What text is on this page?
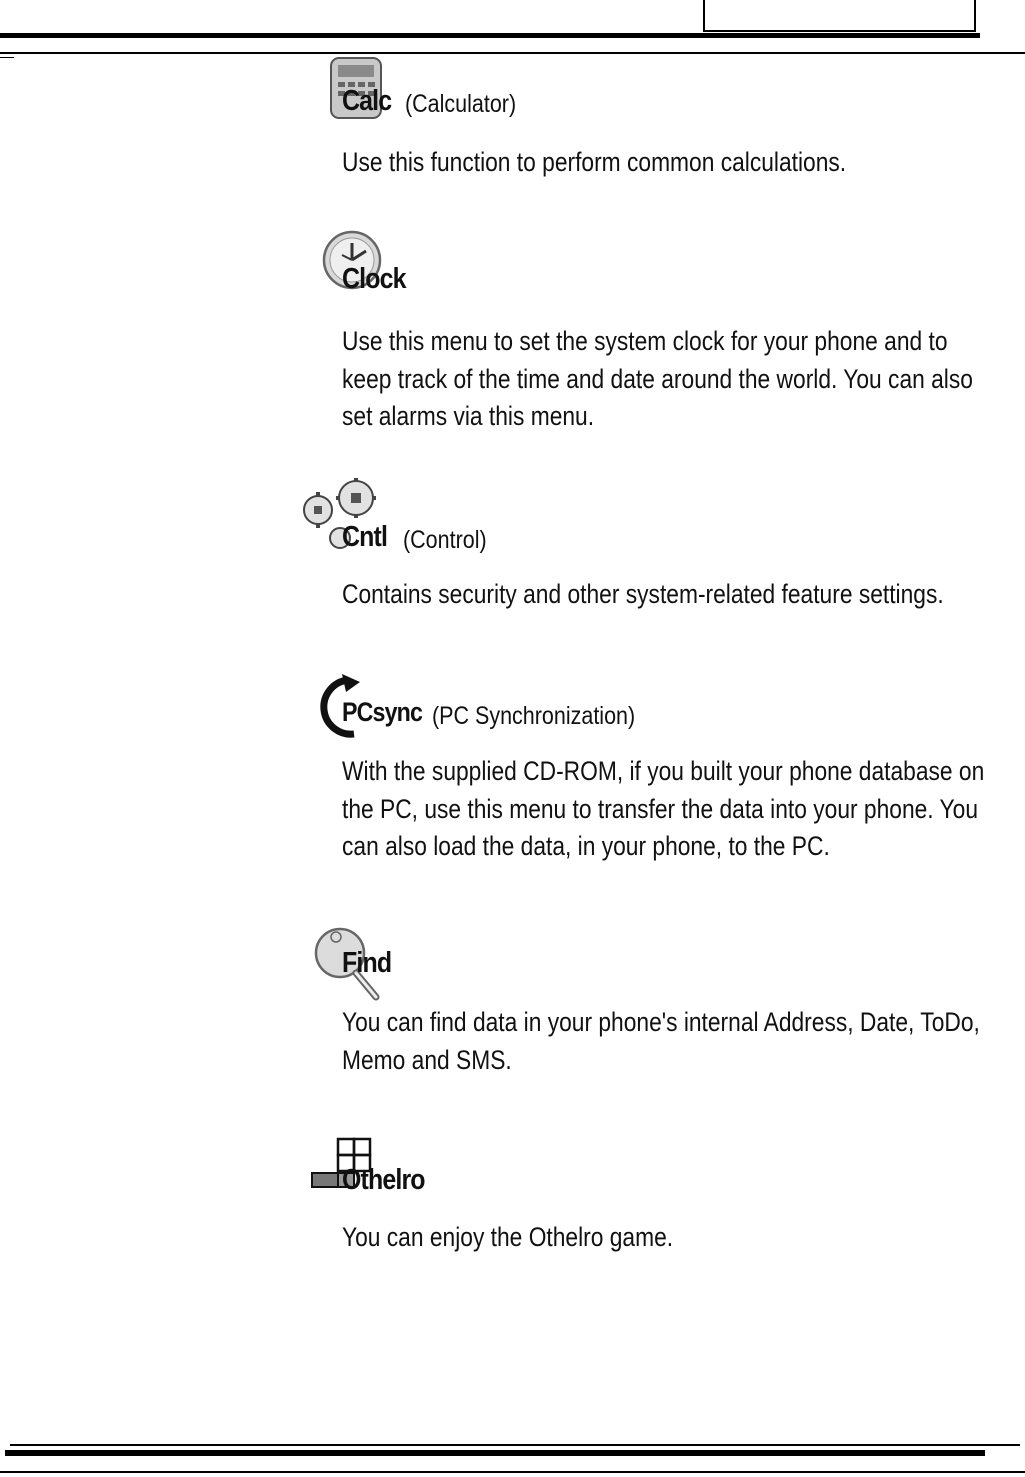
Calc (Calculator)

Use this function to perform common calculations.

Clock

Use this menu to set the system clock for your phone and to keep track of the time and date around the world. You can also set alarms via this menu.

Cntl (Control)

Contains security and other system-related feature settings.

PCsync (PC Synchronization)

With the supplied CD-ROM, if you built your phone database on the PC, use this menu to transfer the data into your phone. You can also load the data, in your phone, to the PC.

Find

You can find data in your phone's internal Address, Date, ToDo, Memo and SMS.

Othelro

You can enjoy the Othelro game.
